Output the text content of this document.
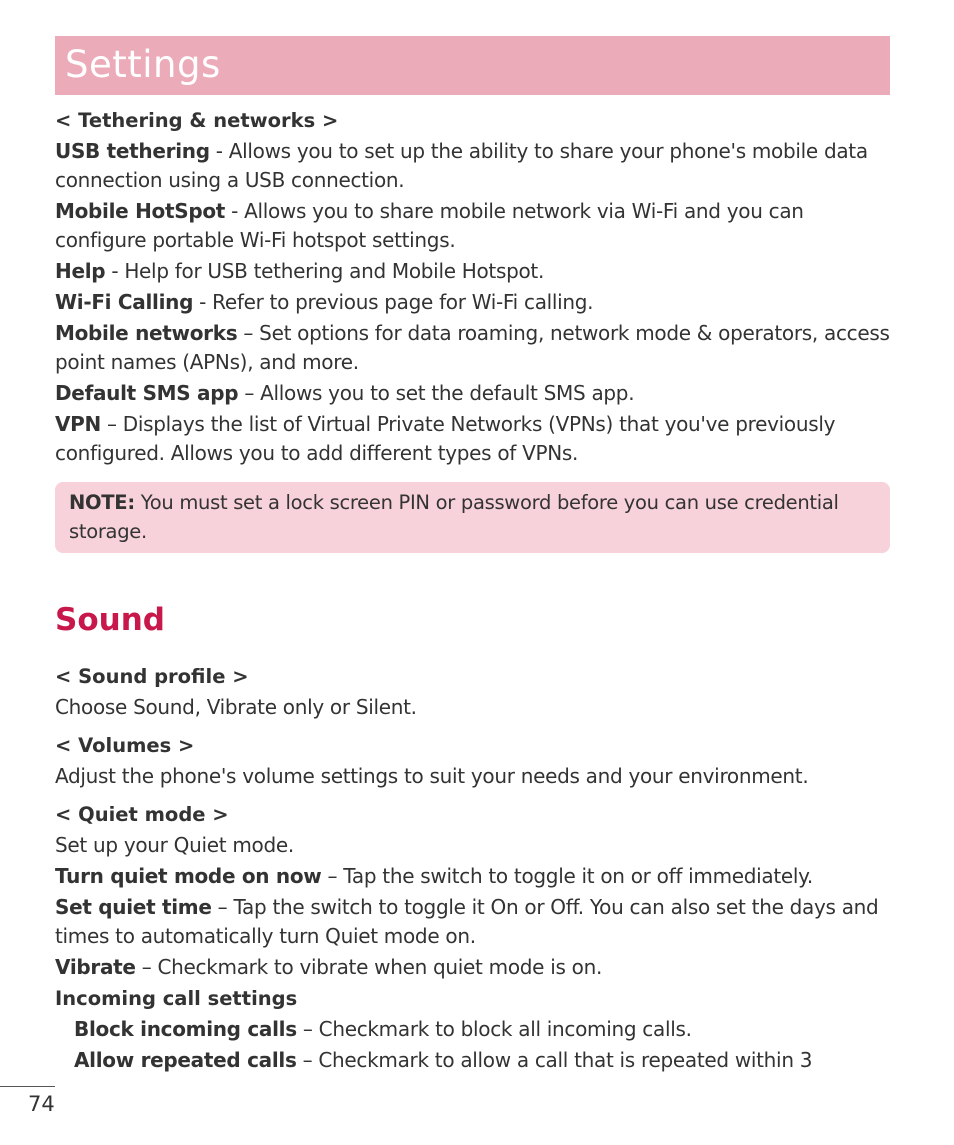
Settings
< Tethering & networks >
USB tethering - Allows you to set up the ability to share your phone's mobile data connection using a USB connection.
Mobile HotSpot - Allows you to share mobile network via Wi-Fi and you can configure portable Wi-Fi hotspot settings.
Help - Help for USB tethering and Mobile Hotspot.
Wi-Fi Calling - Refer to previous page for Wi-Fi calling.
Mobile networks – Set options for data roaming, network mode & operators, access point names (APNs), and more.
Default SMS app – Allows you to set the default SMS app.
VPN – Displays the list of Virtual Private Networks (VPNs) that you've previously configured. Allows you to add different types of VPNs.
NOTE: You must set a lock screen PIN or password before you can use credential storage.
Sound
< Sound profile >
Choose Sound, Vibrate only or Silent.
< Volumes >
Adjust the phone's volume settings to suit your needs and your environment.
< Quiet mode >
Set up your Quiet mode.
Turn quiet mode on now – Tap the switch to toggle it on or off immediately.
Set quiet time – Tap the switch to toggle it On or Off. You can also set the days and times to automatically turn Quiet mode on.
Vibrate – Checkmark to vibrate when quiet mode is on.
Incoming call settings
Block incoming calls – Checkmark to block all incoming calls.
Allow repeated calls – Checkmark to allow a call that is repeated within 3
74
